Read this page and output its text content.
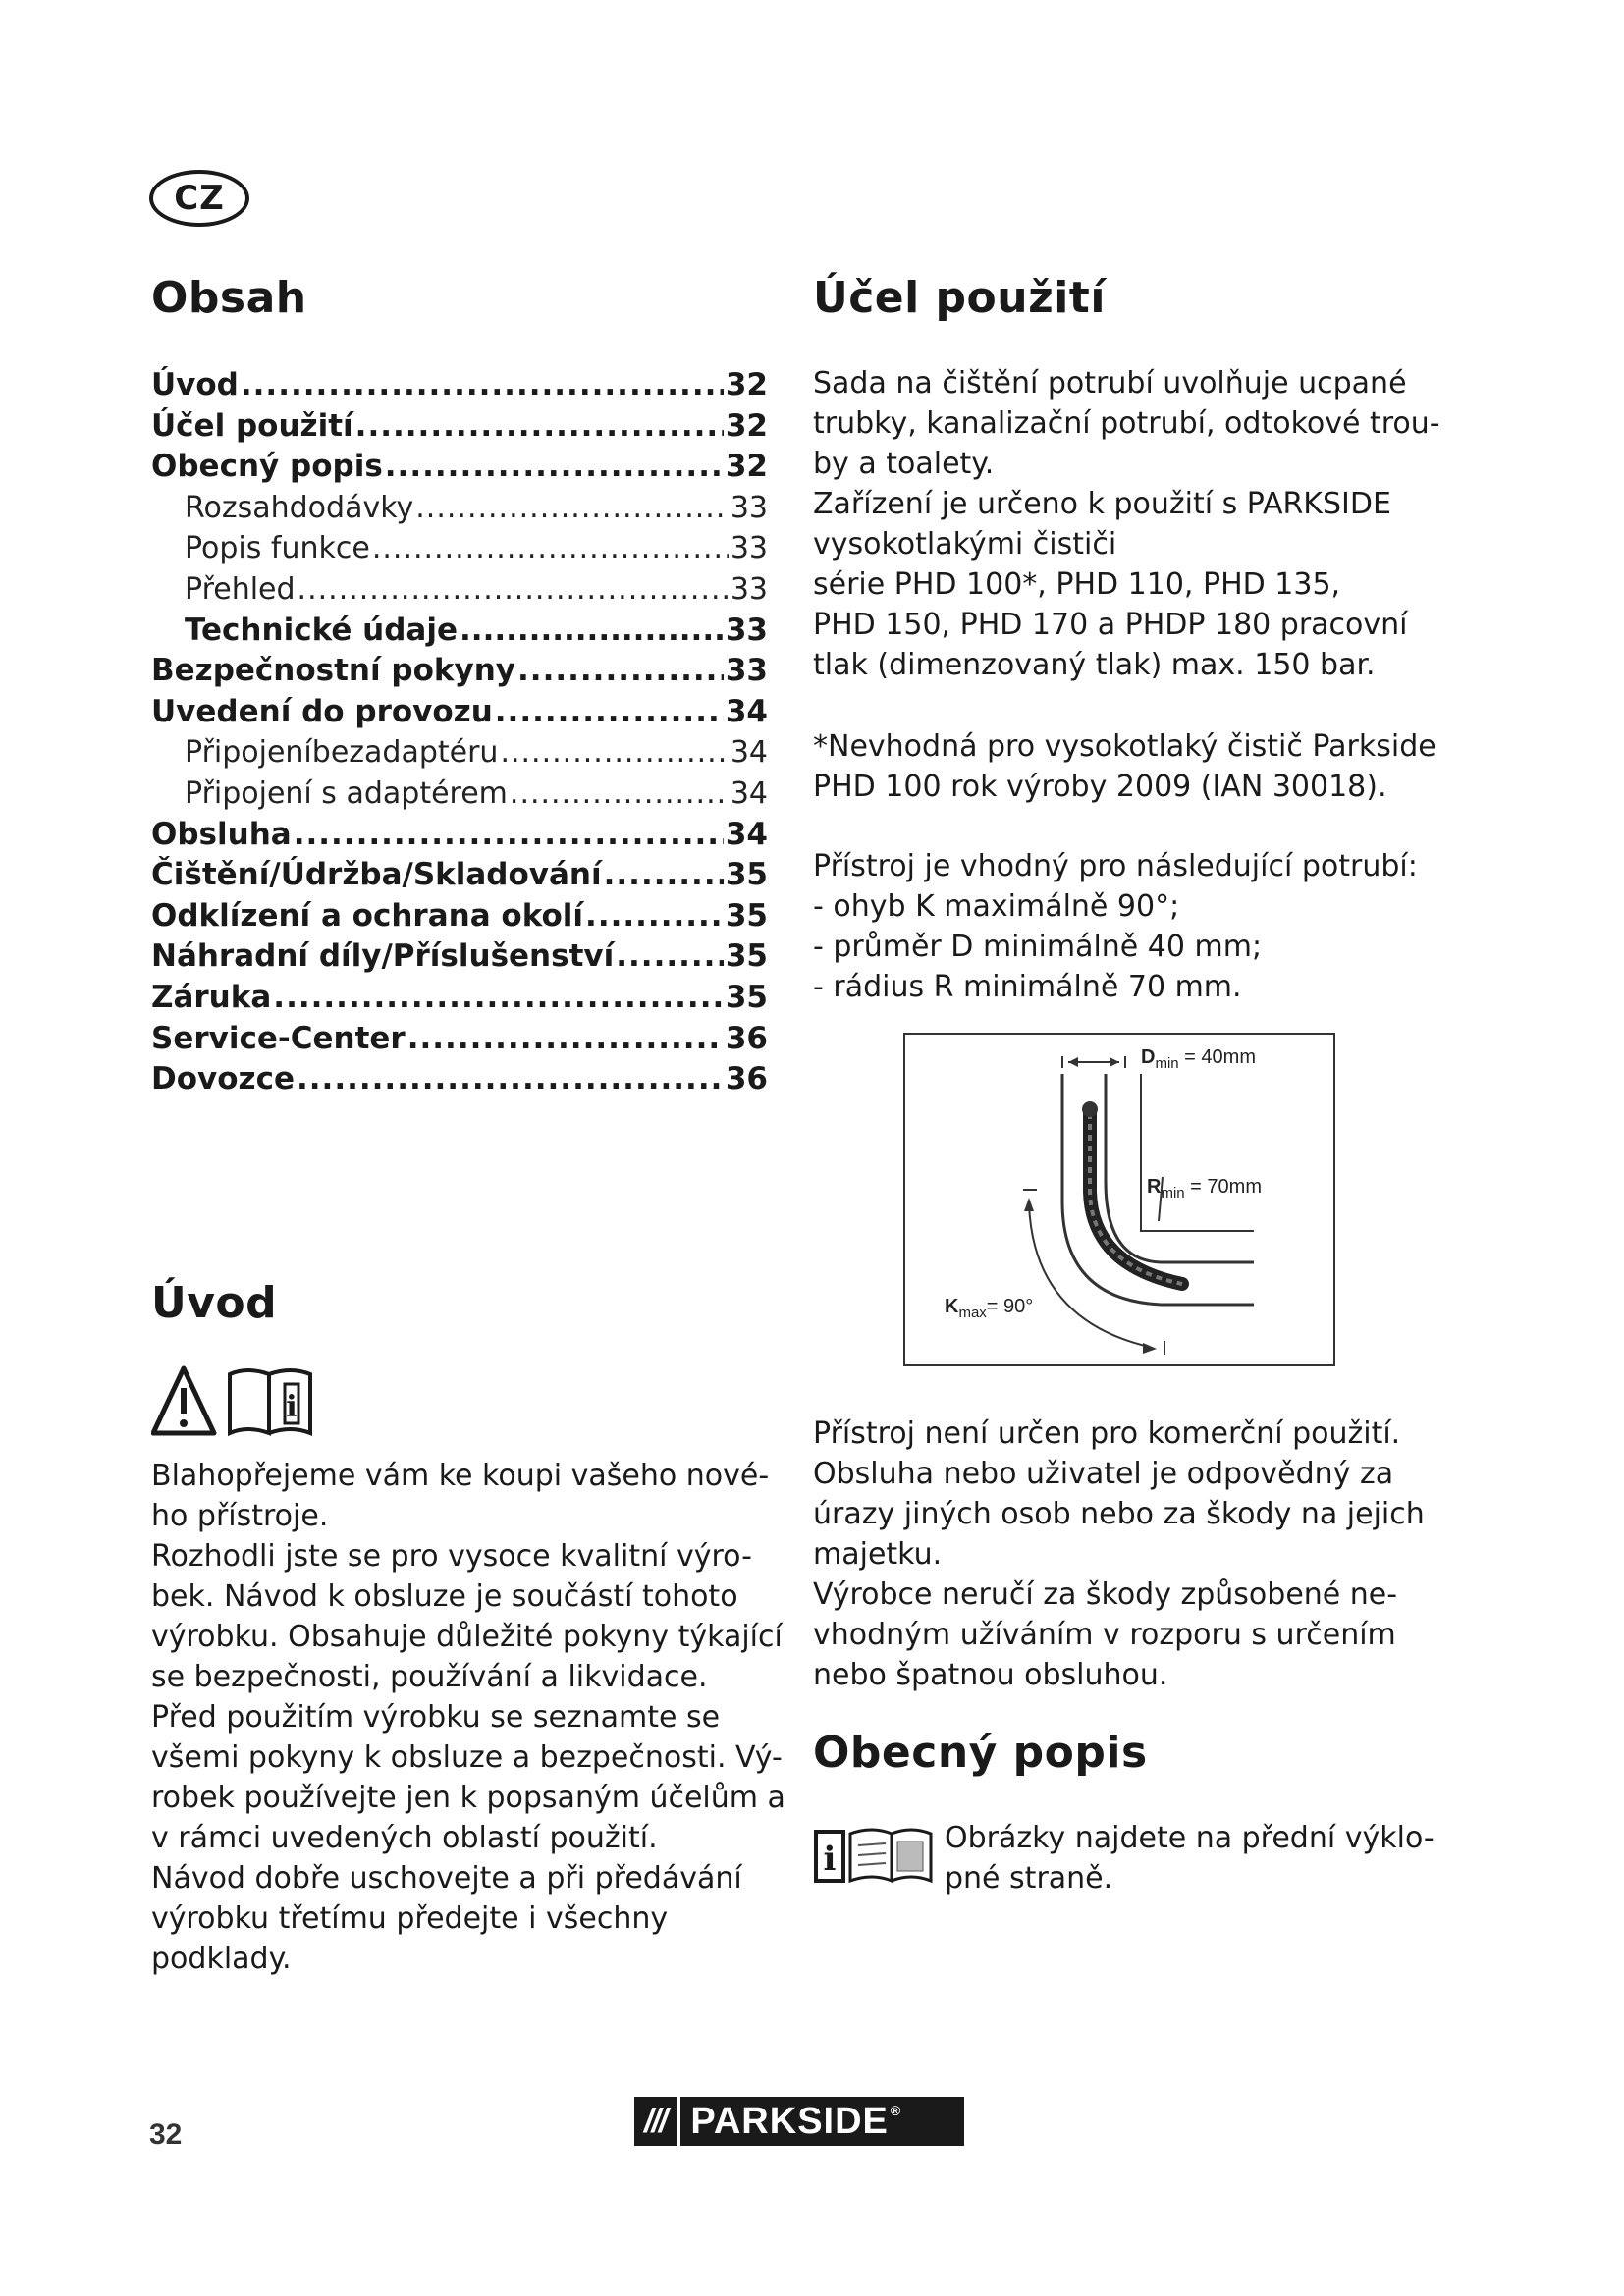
CZ
Obsah
Úvod .....	32
Účel použití .....	32
Obecný popis .....	32
Rozsahdodávky .....	33
Popis funkce .....	33
Přehled .....	33
Technické údaje .....	33
Bezpečnostní pokyny .....	33
Uvedení do provozu .....	34
Připojeníbezadaptéru .....	34
Připojení s adaptérem .....	34
Obsluha .....	34
Čištění/Údržba/Skladování .....	35
Odklízení a ochrana okolí .....	35
Náhradní díly/Příslušenství .....	35
Záruka .....	35
Service-Center .....	36
Dovozce .....	36
Úvod
i
Blahopřejeme vám ke koupi vašeho nové-
ho přístroje.
Rozhodli jste se pro vysoce kvalitní výro-
bek. Návod k obsluze je součástí tohoto
výrobku. Obsahuje důležité pokyny týkající
se bezpečnosti, používání a likvidace.
Před použitím výrobku se seznamte se
všemi pokyny k obsluze a bezpečnosti. Vý-
robek používejte jen k popsaným účelům a
v rámci uvedených oblastí použití.
Návod dobře uschovejte a při předávání
výrobku třetímu předejte i všechny
podklady.
Účel použití
Sada na čištění potrubí uvolňuje ucpané
trubky, kanalizační potrubí, odtokové trou-
by a toalety.
Zařízení je určeno k použití s PARKSIDE
vysokotlakými čističi
série PHD 100*, PHD 110, PHD 135,
PHD 150, PHD 170 a PHDP 180 pracovní
tlak (dimenzovaný tlak) max. 150 bar.
*Nevhodná pro vysokotlaký čistič Parkside
PHD 100 rok výroby 2009 (IAN 30018).
Přístroj je vhodný pro následující potrubí:
- ohyb K maximálně 90°;
- průměr D minimálně 40 mm;
- rádius R minimálně 70 mm.
$D_{min} = 40mm$
$R_{min} = 70mm$
$K_{max}= 90^\circ$
Přístroj není určen pro komerční použití.
Obsluha nebo uživatel je odpovědný za
úrazy jiných osob nebo za škody na jejich
majetku.
Výrobce neručí za škody způsobené ne-
vhodným užíváním v rozporu s určením
nebo špatnou obsluhou.
Obecný popis
i
Obrázky najdete na přední výklo-
pné straně.
32	/// PARKSIDE ®
